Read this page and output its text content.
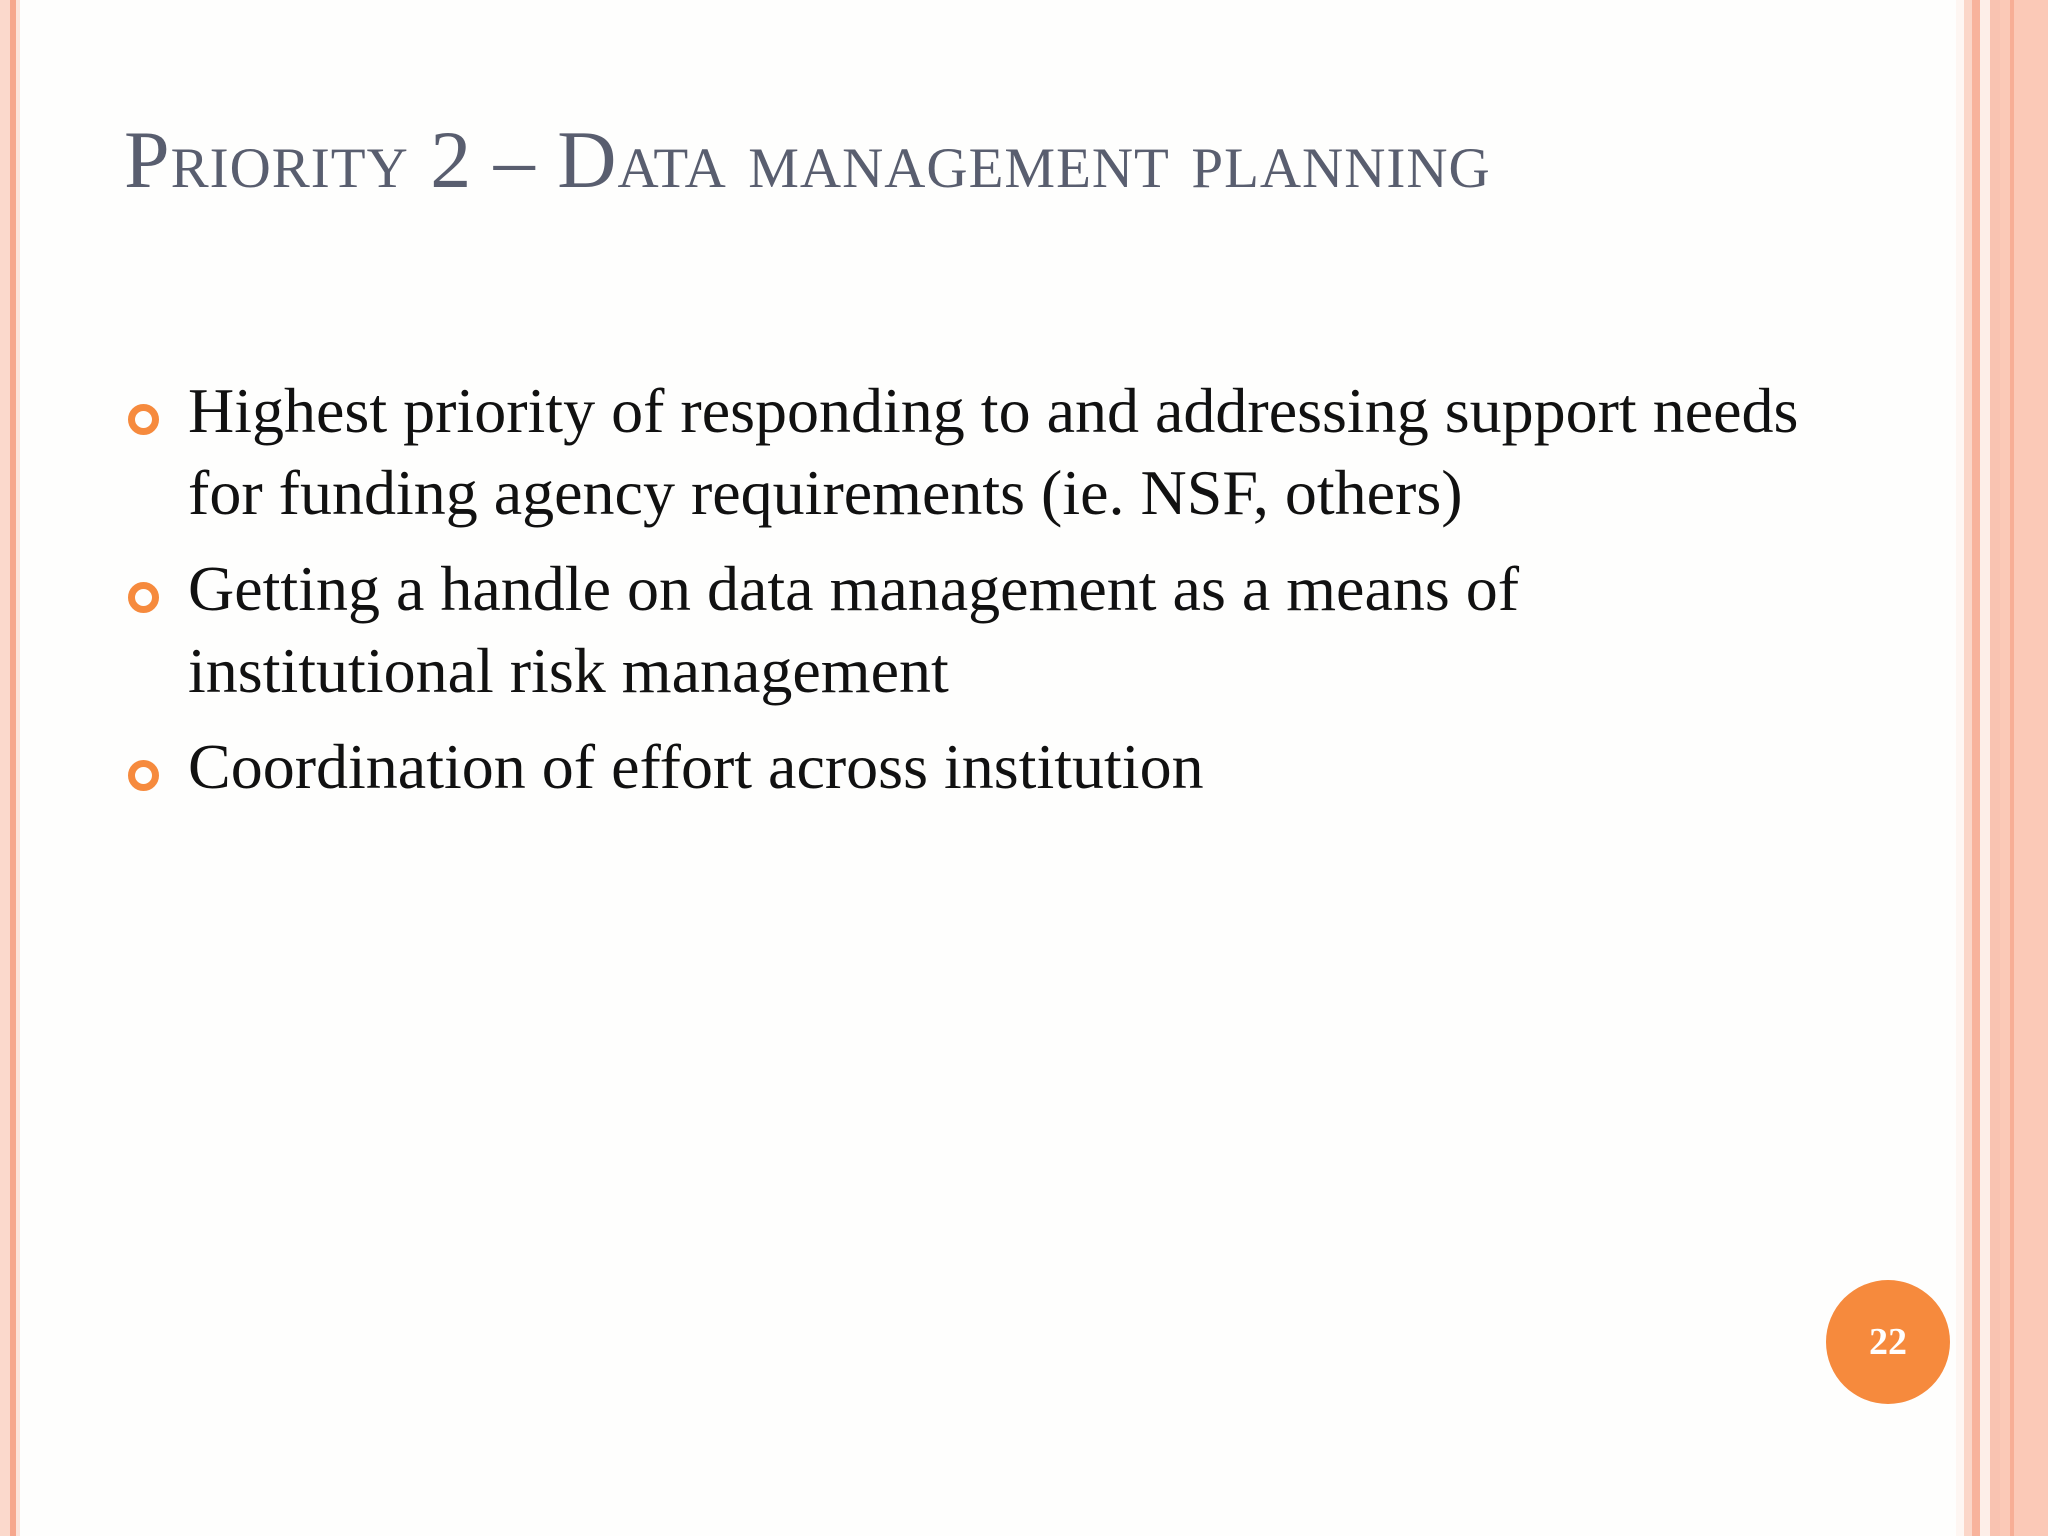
Priority 2 – Data management planning
Highest priority of responding to and addressing support needs for funding agency requirements (ie. NSF, others)
Getting a handle on data management as a means of institutional risk management
Coordination of effort across institution
22
